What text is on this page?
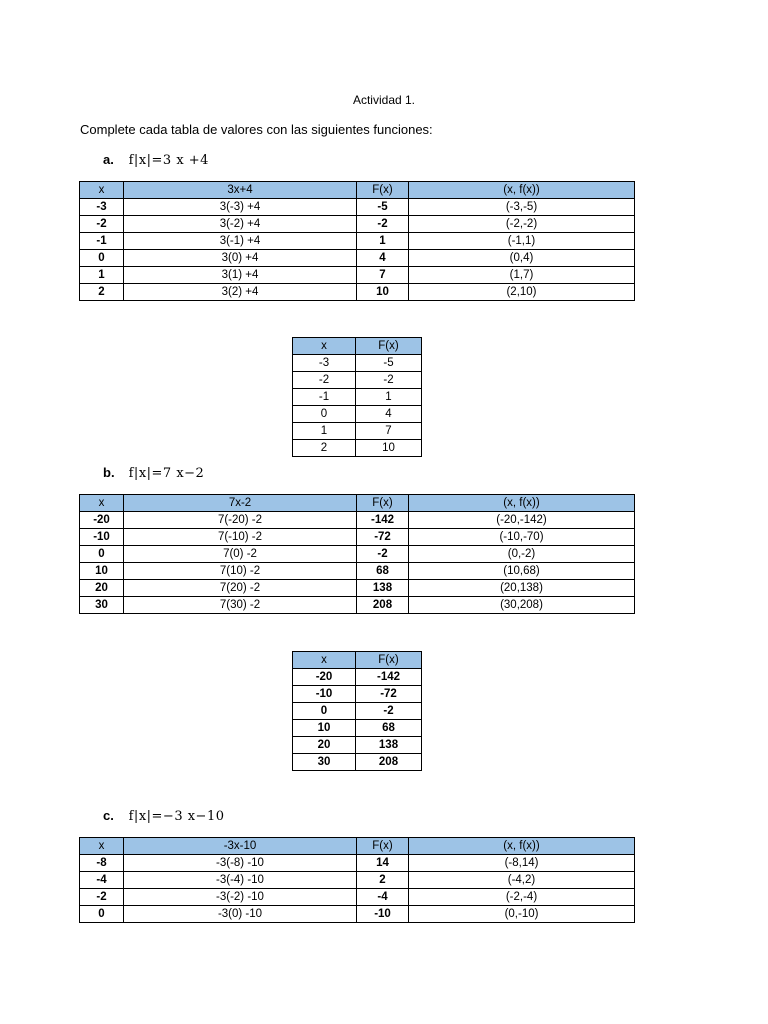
Actividad 1.
Complete cada tabla de valores con las siguientes funciones:
a. f|x|=3 x +4
x	3x+4	F(x)	(x, f(x))
-3	3(-3) +4	-5	(-3,-5)
-2	3(-2) +4	-2	(-2,-2)
-1	3(-1) +4	1	(-1,1)
0	3(0) +4	4	(0,4)
1	3(1) +4	7	(1,7)
2	3(2) +4	10	(2,10)
x	F(x)
-3	-5
-2	-2
-1	1
0	4
1	7
2	10
b. f|x|=7 x−2
x	7x-2	F(x)	(x, f(x))
-20	7(-20) -2	-142	(-20,-142)
-10	7(-10) -2	-72	(-10,-70)
0	7(0) -2	-2	(0,-2)
10	7(10) -2	68	(10,68)
20	7(20) -2	138	(20,138)
30	7(30) -2	208	(30,208)
x	F(x)
-20	-142
-10	-72
0	-2
10	68
20	138
30	208
c. f|x|=−3 x−10
x	-3x-10	F(x)	(x, f(x))
-8	-3(-8) -10	14	(-8,14)
-4	-3(-4) -10	2	(-4,2)
-2	-3(-2) -10	-4	(-2,-4)
0	-3(0) -10	-10	(0,-10)
